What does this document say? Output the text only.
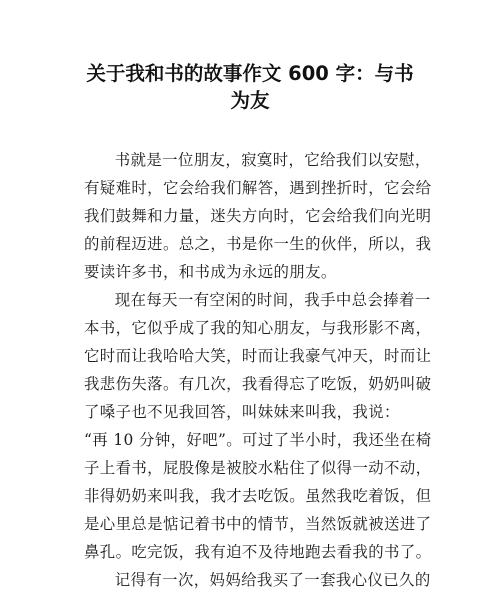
关于我和书的故事作文 600 字：与书
为友

书就是一位朋友，寂寞时，它给我们以安慰，
有疑难时，它会给我们解答，遇到挫折时，它会给
我们鼓舞和力量，迷失方向时，它会给我们向光明
的前程迈进。总之，书是你一生的伙伴，所以，我
要读许多书，和书成为永远的朋友。

现在每天一有空闲的时间，我手中总会捧着一
本书，它似乎成了我的知心朋友，与我形影不离，
它时而让我哈哈大笑，时而让我豪气冲天，时而让
我悲伤失落。有几次，我看得忘了吃饭，奶奶叫破
了嗓子也不见我回答，叫妹妹来叫我，我说：
“再 10 分钟，好吧”。可过了半小时，我还坐在椅
子上看书，屁股像是被胶水粘住了似得一动不动，
非得奶奶来叫我，我才去吃饭。虽然我吃着饭，但
是心里总是惦记着书中的情节，当然饭就被送进了
鼻孔。吃完饭，我有迫不及待地跑去看我的书了。

记得有一次，妈妈给我买了一套我心仪已久的
